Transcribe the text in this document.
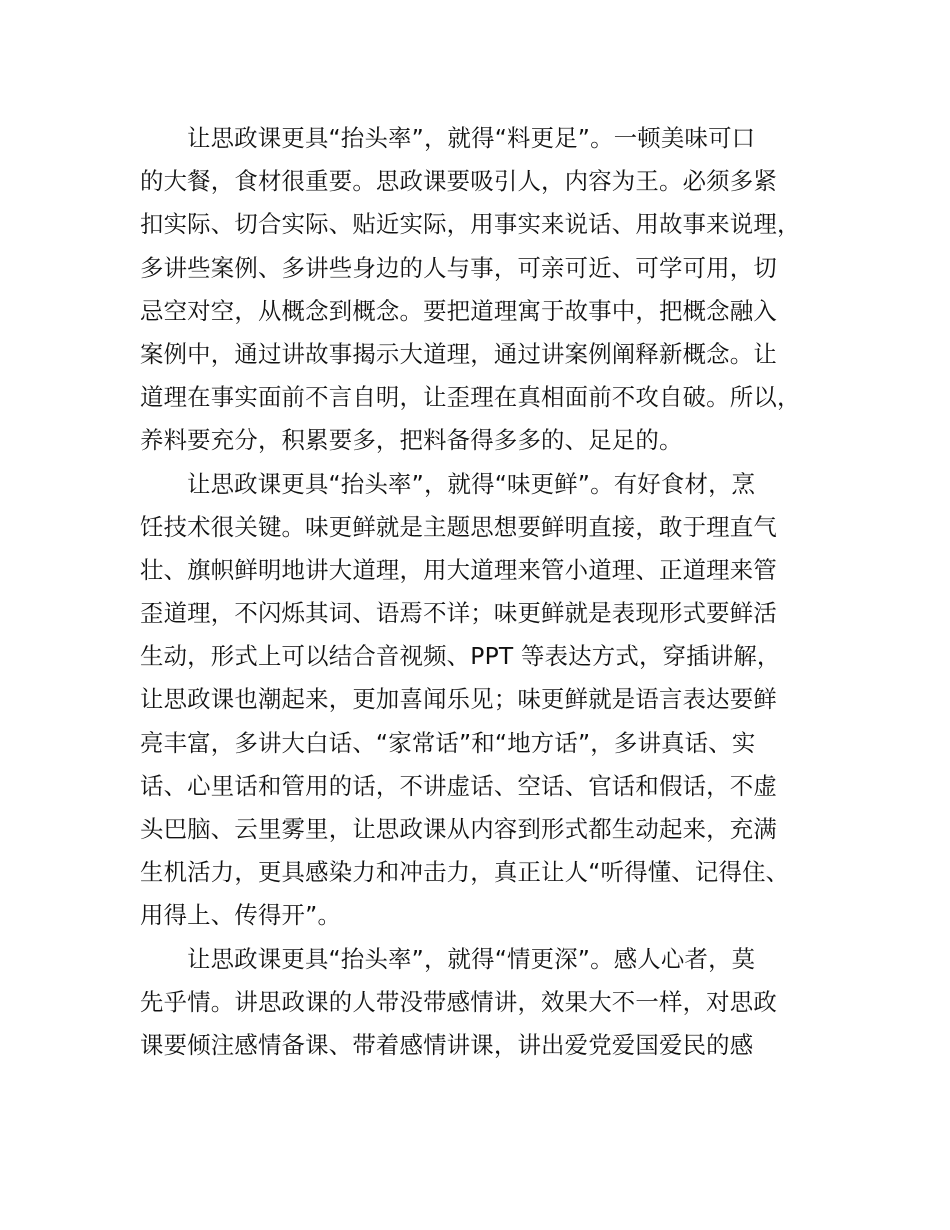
让思政课更具“抬头率”，就得“料更足”。一顿美味可口
的大餐，食材很重要。思政课要吸引人，内容为王。必须多紧
扣实际、切合实际、贴近实际，用事实来说话、用故事来说理，
多讲些案例、多讲些身边的人与事，可亲可近、可学可用，切
忌空对空，从概念到概念。要把道理寓于故事中，把概念融入
案例中，通过讲故事揭示大道理，通过讲案例阐释新概念。让
道理在事实面前不言自明，让歪理在真相面前不攻自破。所以，
养料要充分，积累要多，把料备得多多的、足足的。
让思政课更具“抬头率”，就得“味更鲜”。有好食材，烹
饪技术很关键。味更鲜就是主题思想要鲜明直接，敢于理直气
壮、旗帜鲜明地讲大道理，用大道理来管小道理、正道理来管
歪道理，不闪烁其词、语焉不详；味更鲜就是表现形式要鲜活
生动，形式上可以结合音视频、PPT 等表达方式，穿插讲解，
让思政课也潮起来，更加喜闻乐见；味更鲜就是语言表达要鲜
亮丰富，多讲大白话、“家常话”和“地方话”，多讲真话、实
话、心里话和管用的话，不讲虚话、空话、官话和假话，不虚
头巴脑、云里雾里，让思政课从内容到形式都生动起来，充满
生机活力，更具感染力和冲击力，真正让人“听得懂、记得住、
用得上、传得开”。
让思政课更具“抬头率”，就得“情更深”。感人心者，莫
先乎情。讲思政课的人带没带感情讲，效果大不一样，对思政
课要倾注感情备课、带着感情讲课，讲出爱党爱国爱民的感
